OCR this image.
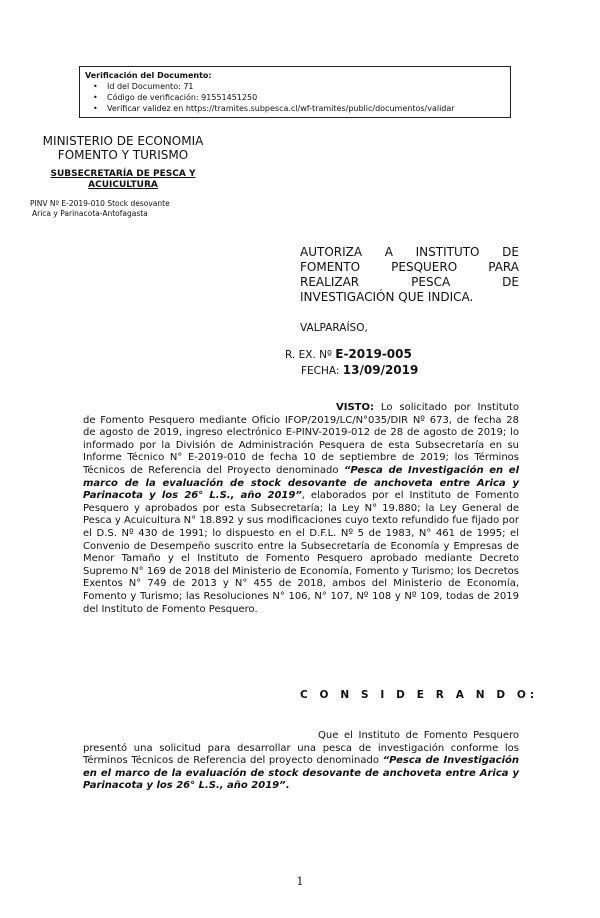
Verificación del Documento:
• Id del Documento: 71
• Código de verificación: 91551451250
• Verificar validez en https://tramites.subpesca.cl/wf-tramites/public/documentos/validar
MINISTERIO DE ECONOMIA
FOMENTO Y TURISMO
SUBSECRETARÍA DE PESCA Y
ACUICULTURA
PINV Nº E-2019-010 Stock desovante
Arica y Parinacota-Antofagasta
AUTORIZA A INSTITUTO DE
FOMENTO PESQUERO PARA
REALIZAR PESCA DE
INVESTIGACIÓN QUE INDICA.
VALPARAÍSO,
R. EX. Nº E-2019-005
FECHA: 13/09/2019
VISTO: Lo solicitado por Instituto de Fomento Pesquero mediante Oficio IFOP/2019/LC/N°035/DIR Nº 673, de fecha 28 de agosto de 2019, ingreso electrónico E-PINV-2019-012 de 28 de agosto de 2019; lo informado por la División de Administración Pesquera de esta Subsecretaría en su Informe Técnico N° E-2019-010 de fecha 10 de septiembre de 2019; los Términos Técnicos de Referencia del Proyecto denominado “Pesca de Investigación en el marco de la evaluación de stock desovante de anchoveta entre Arica y Parinacota y los 26° L.S., año 2019”, elaborados por el Instituto de Fomento Pesquero y aprobados por esta Subsecretaría; la Ley N° 19.880; la Ley General de Pesca y Acuicultura N° 18.892 y sus modificaciones cuyo texto refundido fue fijado por el D.S. Nº 430 de 1991; lo dispuesto en el D.F.L. Nº 5 de 1983, N° 461 de 1995; el Convenio de Desempeño suscrito entre la Subsecretaría de Economía y Empresas de Menor Tamaño y el Instituto de Fomento Pesquero aprobado mediante Decreto Supremo N° 169 de 2018 del Ministerio de Economía, Fomento y Turismo; los Decretos Exentos N° 749 de 2013 y N° 455 de 2018, ambos del Ministerio de Economía, Fomento y Turismo; las Resoluciones N° 106, N° 107, Nº 108 y Nº 109, todas de 2019 del Instituto de Fomento Pesquero.
C O N S I D E R A N D O:
Que el Instituto de Fomento Pesquero presentó una solicitud para desarrollar una pesca de investigación conforme los Términos Técnicos de Referencia del proyecto denominado “Pesca de Investigación en el marco de la evaluación de stock desovante de anchoveta entre Arica y Parinacota y los 26° L.S., año 2019”.
1
